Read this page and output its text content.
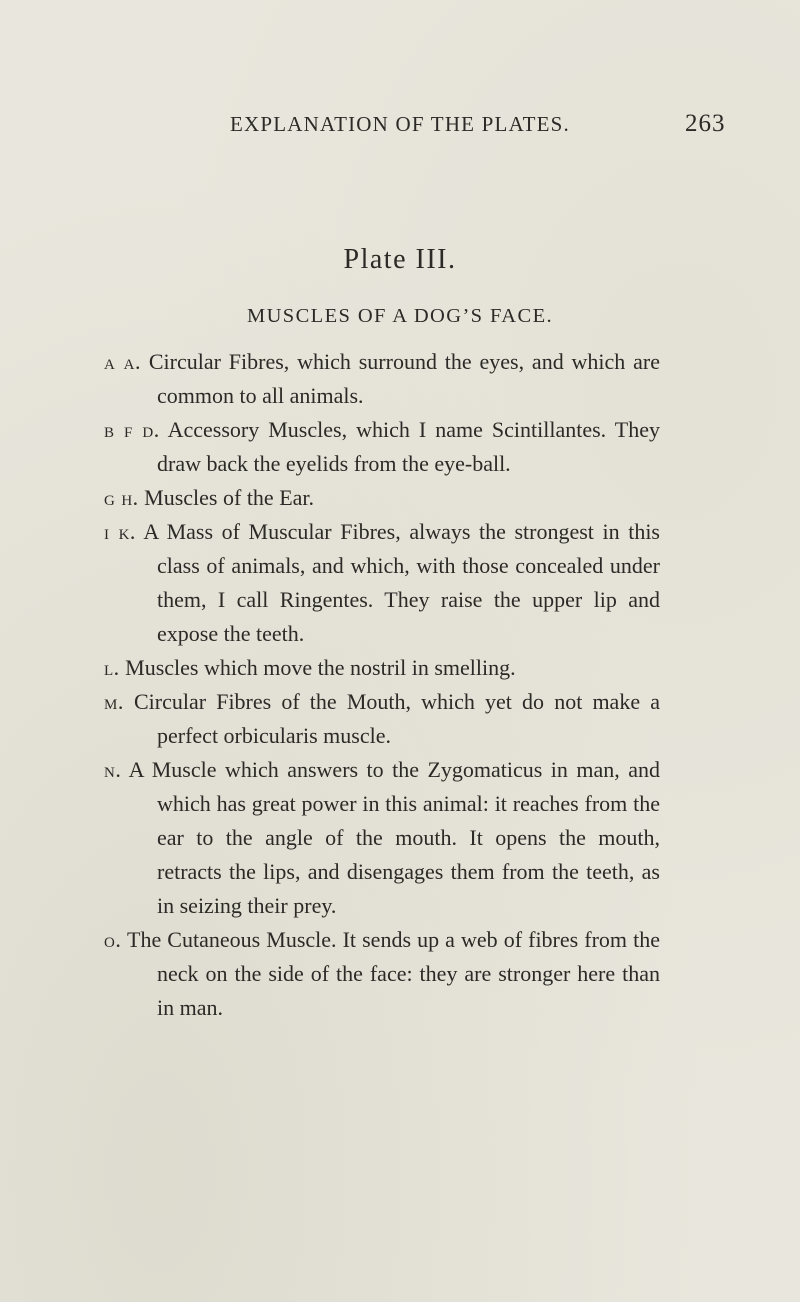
EXPLANATION OF THE PLATES.	263
Plate III.
MUSCLES OF A DOG’S FACE.

a a. Circular Fibres, which surround the eyes, and which are common to all animals.

b f d. Accessory Muscles, which I name Scintillantes. They draw back the eyelids from the eye-ball.

g h. Muscles of the Ear.

i k. A Mass of Muscular Fibres, always the strongest in this class of animals, and which, with those concealed under them, I call Ringentes. They raise the upper lip and expose the teeth.

l. Muscles which move the nostril in smelling.

m. Circular Fibres of the Mouth, which yet do not make a perfect orbicularis muscle.

n. A Muscle which answers to the Zygomaticus in man, and which has great power in this animal: it reaches from the ear to the angle of the mouth. It opens the mouth, retracts the lips, and disengages them from the teeth, as in seizing their prey.

o. The Cutaneous Muscle. It sends up a web of fibres from the neck on the side of the face: they are stronger here than in man.
